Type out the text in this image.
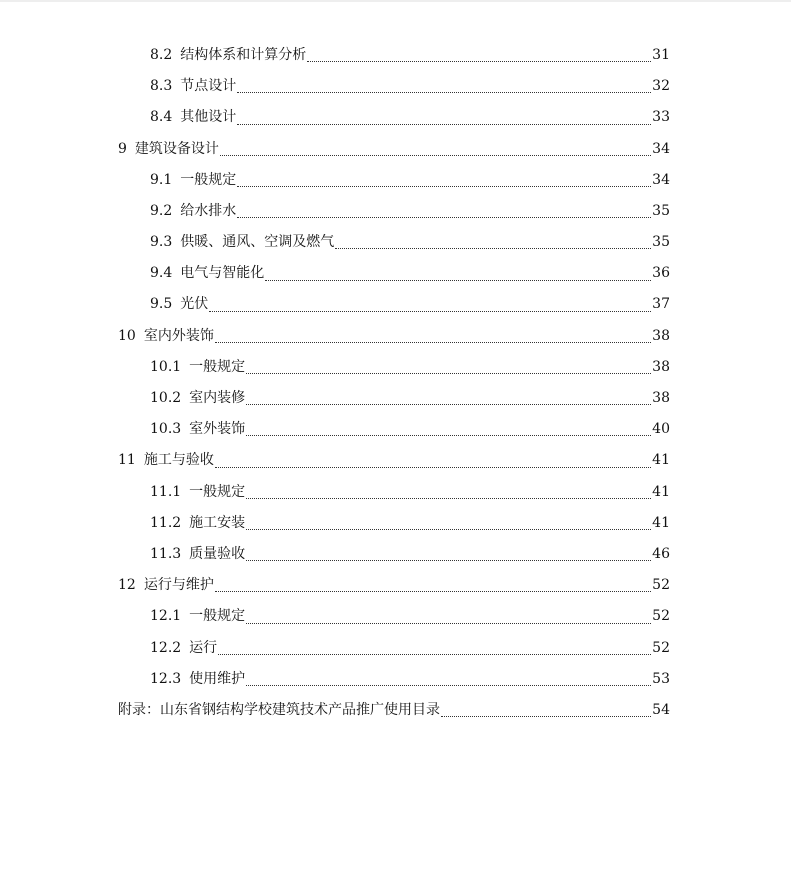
8.2 结构体系和计算分析	31
8.3 节点设计	32
8.4 其他设计	33
9 建筑设备设计	34
9.1 一般规定	34
9.2 给水排水	35
9.3 供暖、通风、空调及燃气	35
9.4 电气与智能化	36
9.5 光伏	37
10 室内外装饰	38
10.1 一般规定	38
10.2 室内装修	38
10.3 室外装饰	40
11 施工与验收	41
11.1 一般规定	41
11.2 施工安装	41
11.3 质量验收	46
12 运行与维护	52
12.1 一般规定	52
12.2 运行	52
12.3 使用维护	53
附录：山东省钢结构学校建筑技术产品推广使用目录	54
